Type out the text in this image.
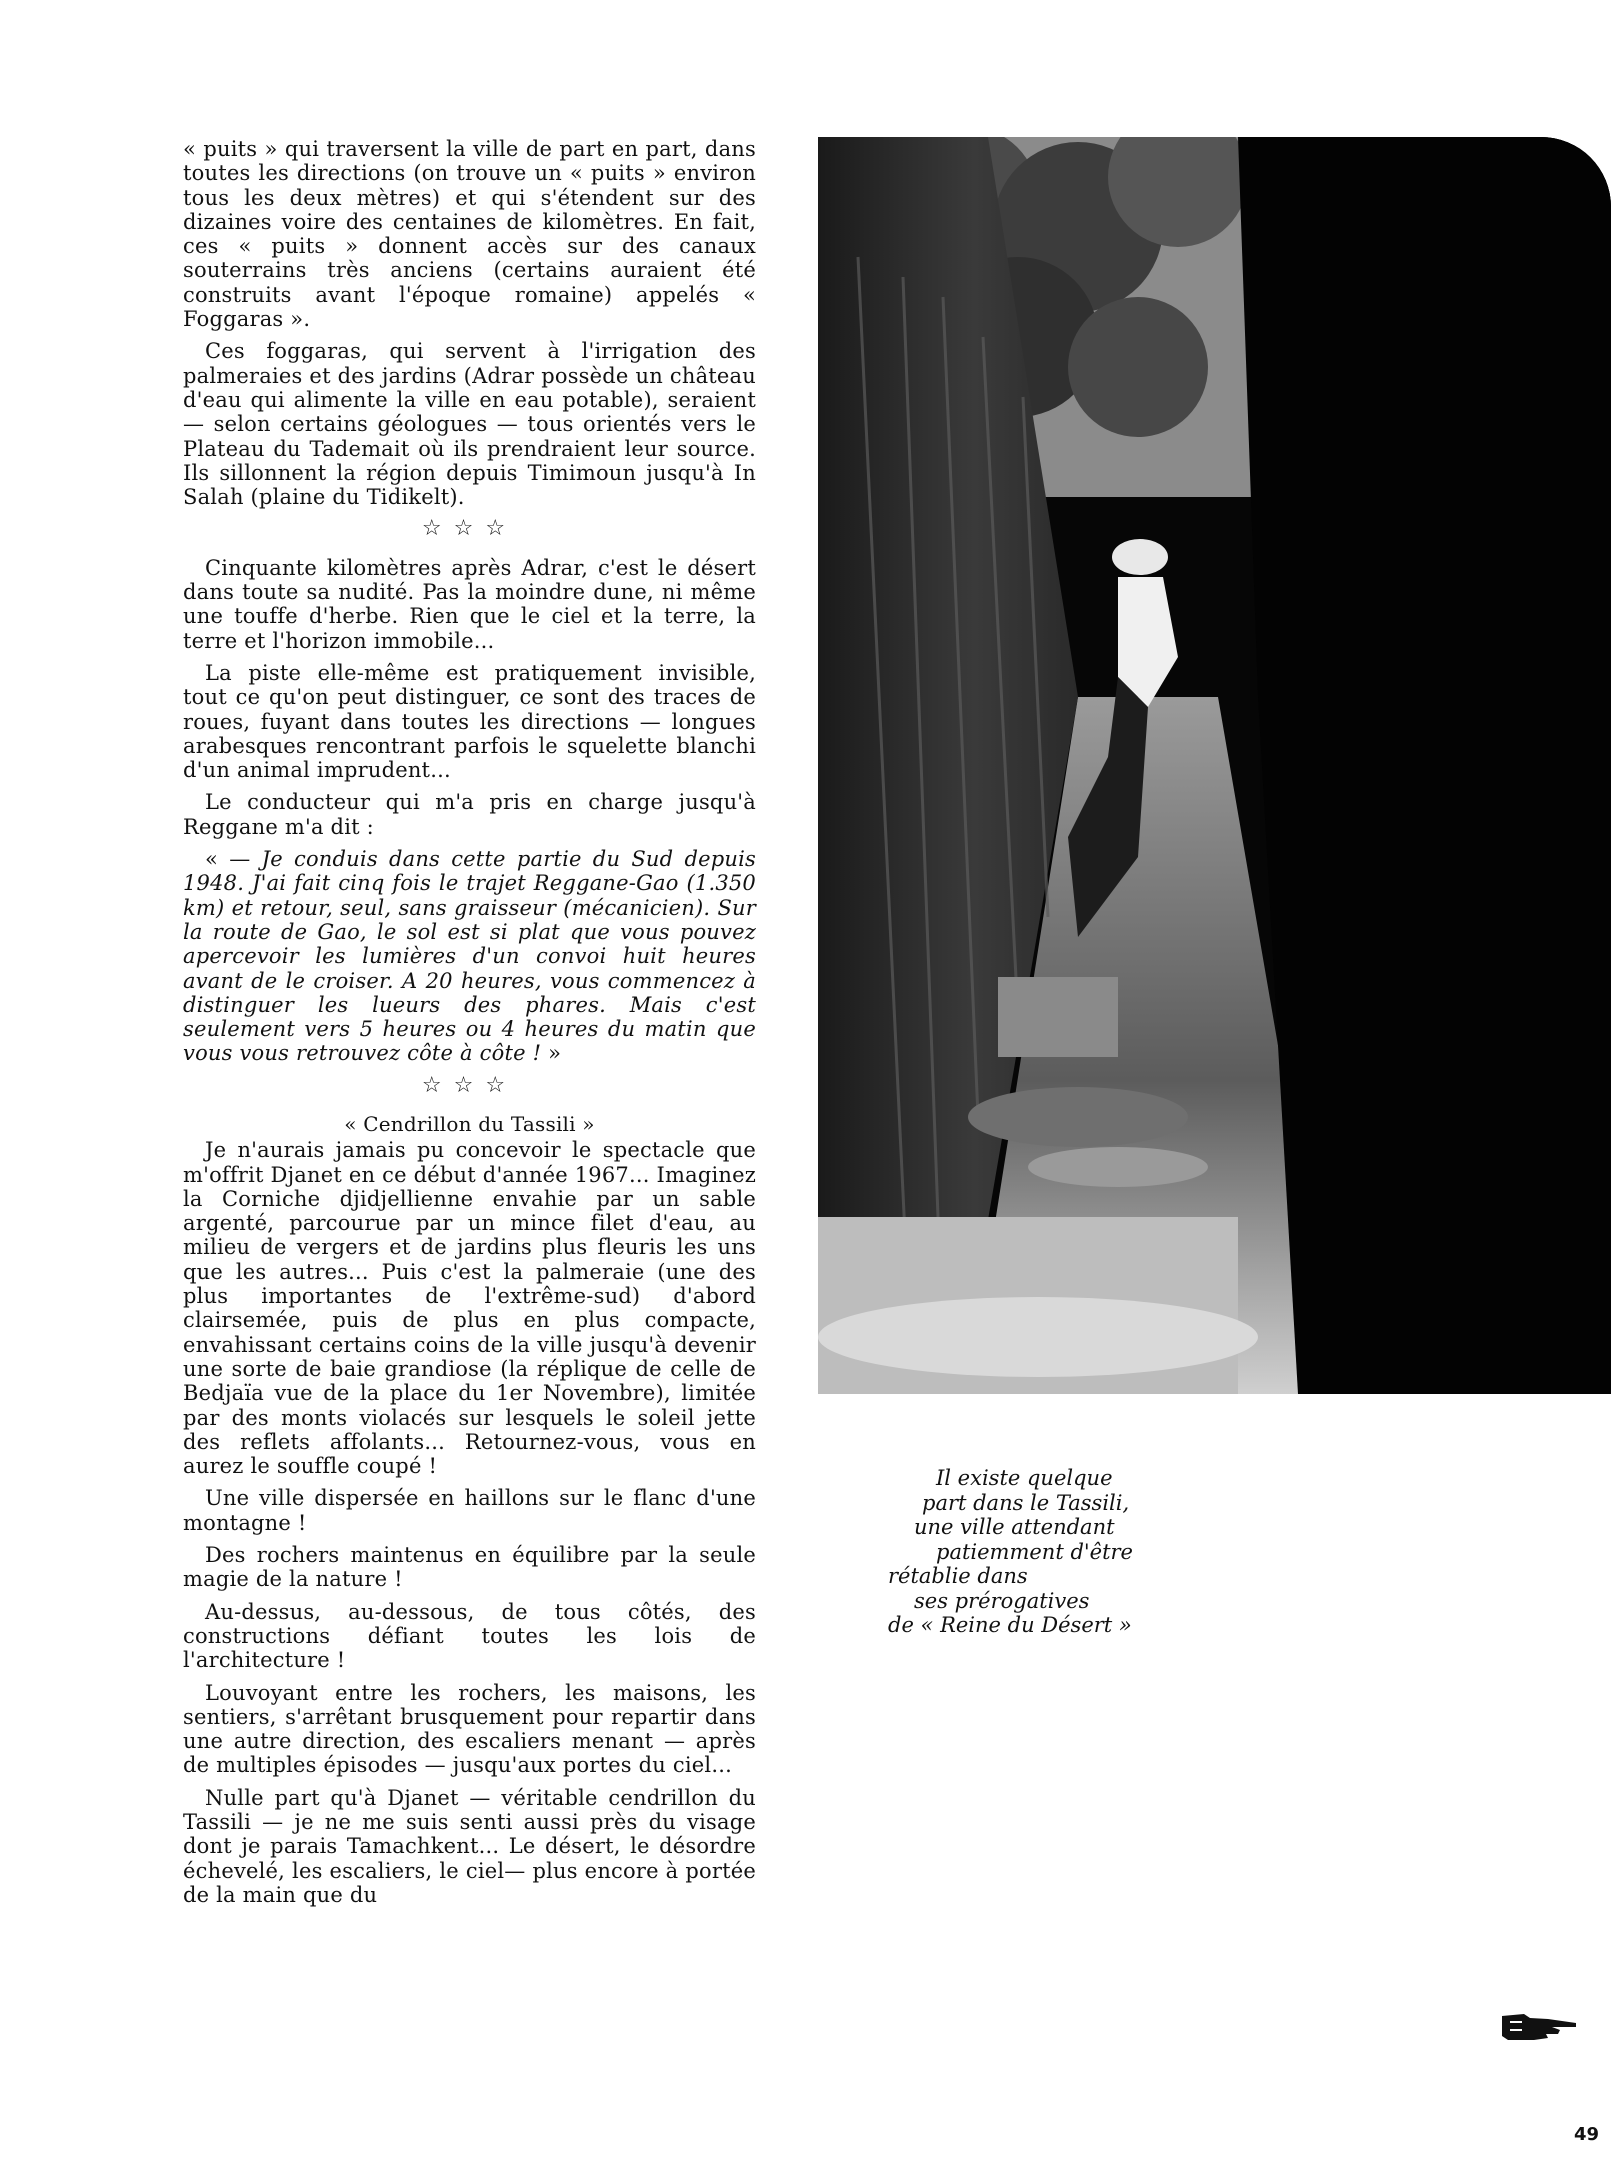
« puits » qui traversent la ville de part en part, dans toutes les directions (on trouve un « puits » environ tous les deux mètres) et qui s'étendent sur des dizaines voire des centaines de kilomètres. En fait, ces « puits » donnent accès sur des canaux souterrains très anciens (certains auraient été construits avant l'époque romaine) appelés « Foggaras ».

Ces foggaras, qui servent à l'irrigation des palmeraies et des jardins (Adrar possède un château d'eau qui alimente la ville en eau potable), seraient — selon certains géologues — tous orientés vers le Plateau du Tademait où ils prendraient leur source. Ils sillonnent la région depuis Timimoun jusqu'à In Salah (plaine du Tidikelt).

☆☆☆

Cinquante kilomètres après Adrar, c'est le désert dans toute sa nudité. Pas la moindre dune, ni même une touffe d'herbe. Rien que le ciel et la terre, la terre et l'horizon immobile...

La piste elle-même est pratiquement invisible, tout ce qu'on peut distinguer, ce sont des traces de roues, fuyant dans toutes les directions — longues arabesques rencontrant parfois le squelette blanchi d'un animal imprudent...

Le conducteur qui m'a pris en charge jusqu'à Reggane m'a dit :

« — Je conduis dans cette partie du Sud depuis 1948. J'ai fait cinq fois le trajet Reggane-Gao (1.350 km) et retour, seul, sans graisseur (mécanicien). Sur la route de Gao, le sol est si plat que vous pouvez apercevoir les lumières d'un convoi huit heures avant de le croiser. A 20 heures, vous commencez à distinguer les lueurs des phares. Mais c'est seulement vers 5 heures ou 4 heures du matin que vous vous retrouvez côte à côte ! »

☆☆☆
« Cendrillon du Tassili »

Je n'aurais jamais pu concevoir le spectacle que m'offrit Djanet en ce début d'année 1967... Imaginez la Corniche djidjellienne envahie par un sable argenté, parcourue par un mince filet d'eau, au milieu de vergers et de jardins plus fleuris les uns que les autres... Puis c'est la palmeraie (une des plus importantes de l'extrême-sud) d'abord clairsemée, puis de plus en plus compacte, envahissant certains coins de la ville jusqu'à devenir une sorte de baie grandiose (la réplique de celle de Bedjaïa vue de la place du 1er Novembre), limitée par des monts violacés sur lesquels le soleil jette des reflets affolants... Retournez-vous, vous en aurez le souffle coupé !

Une ville dispersée en haillons sur le flanc d'une montagne !

Des rochers maintenus en équilibre par la seule magie de la nature !

Au-dessus, au-dessous, de tous côtés, des constructions défiant toutes les lois de l'architecture !

Louvoyant entre les rochers, les maisons, les sentiers, s'arrêtant brusquement pour repartir dans une autre direction, des escaliers menant — après de multiples épisodes — jusqu'aux portes du ciel...

Nulle part qu'à Djanet — véritable cendrillon du Tassili — je ne me suis senti aussi près du visage dont je parais Tamachkent... Le désert, le désordre échevelé, les escaliers, le ciel— plus encore à portée de la main que du

Il existe quelque
part dans le Tassili,
une ville attendant
patiemment d'être
rétablie dans
ses prérogatives
de « Reine du Désert »
49
